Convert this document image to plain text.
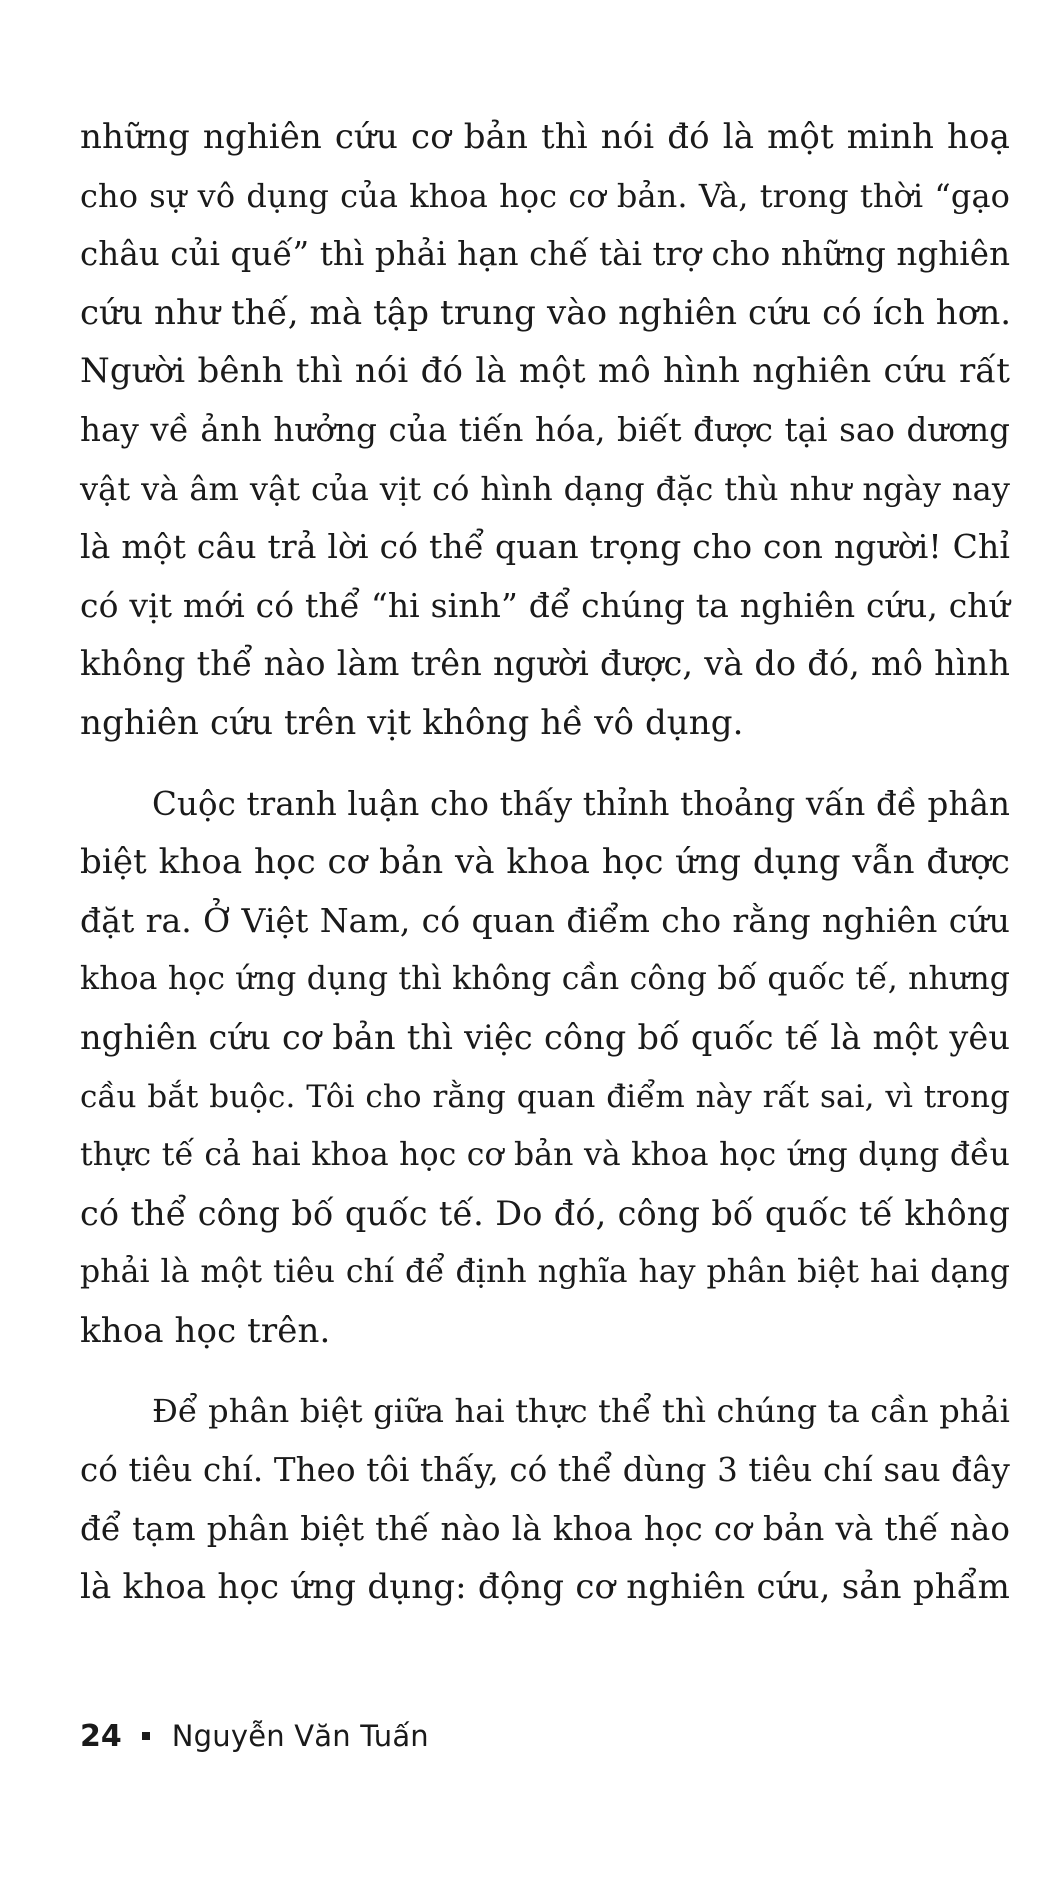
những nghiên cứu cơ bản thì nói đó là một minh hoạ
cho sự vô dụng của khoa học cơ bản. Và, trong thời “gạo
châu củi quế” thì phải hạn chế tài trợ cho những nghiên
cứu như thế, mà tập trung vào nghiên cứu có ích hơn.
Người bênh thì nói đó là một mô hình nghiên cứu rất
hay về ảnh hưởng của tiến hóa, biết được tại sao dương
vật và âm vật của vịt có hình dạng đặc thù như ngày nay
là một câu trả lời có thể quan trọng cho con người! Chỉ
có vịt mới có thể “hi sinh” để chúng ta nghiên cứu, chứ
không thể nào làm trên người được, và do đó, mô hình
nghiên cứu trên vịt không hề vô dụng.
Cuộc tranh luận cho thấy thỉnh thoảng vấn đề phân
biệt khoa học cơ bản và khoa học ứng dụng vẫn được
đặt ra. Ở Việt Nam, có quan điểm cho rằng nghiên cứu
khoa học ứng dụng thì không cần công bố quốc tế, nhưng
nghiên cứu cơ bản thì việc công bố quốc tế là một yêu
cầu bắt buộc. Tôi cho rằng quan điểm này rất sai, vì trong
thực tế cả hai khoa học cơ bản và khoa học ứng dụng đều
có thể công bố quốc tế. Do đó, công bố quốc tế không
phải là một tiêu chí để định nghĩa hay phân biệt hai dạng
khoa học trên.
Để phân biệt giữa hai thực thể thì chúng ta cần phải
có tiêu chí. Theo tôi thấy, có thể dùng 3 tiêu chí sau đây
để tạm phân biệt thế nào là khoa học cơ bản và thế nào
là khoa học ứng dụng: động cơ nghiên cứu, sản phẩm
24 Nguyễn Văn Tuấn
